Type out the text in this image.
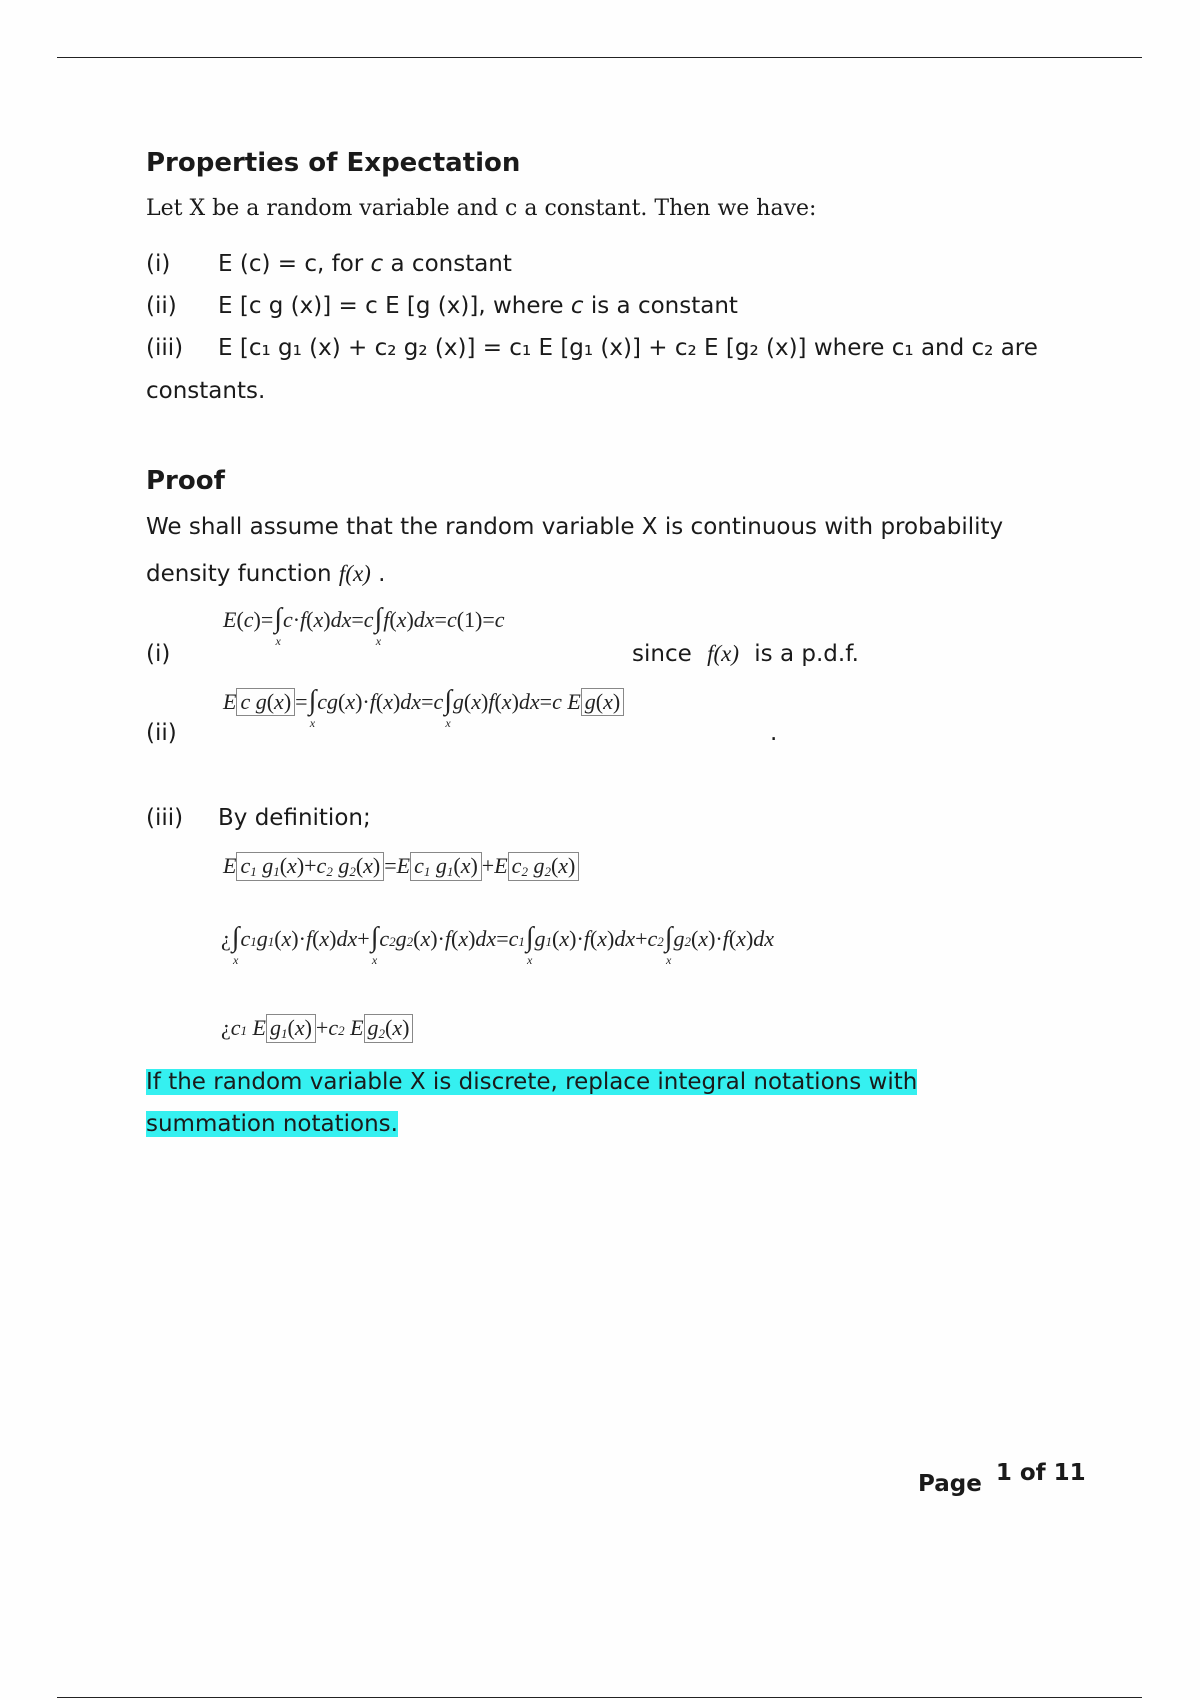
Properties of Expectation
Let X be a random variable and c a constant. Then we have:
(i) E (c) = c, for c a constant
(ii) E [c g (x)] = c E [g (x)], where c is a constant
(iii) E [c₁ g₁ (x) + c₂ g₂ (x)] = c₁ E [g₁ (x)] + c₂ E [g₂ (x)] where c₁ and c₂ are
constants.
Proof
We shall assume that the random variable X is continuous with probability
density function f(x) .
(i)
E ( c )= ∫
x
c · f ( x ) dx = c ∫
x
f ( x ) dx = c (1)= c
since f(x) is a p.d.f.
(ii)
E c g(x) = ∫
x
cg ( x )· f ( x ) dx = c ∫
x
g ( x ) f ( x ) dx = c E g(x)
.
(iii) By definition;
E $c_1$ $g_1(x)+c_2$ $g_2(x) = E$ $c_1$ $g_1(x) + E$ $c_2$ $g_2(x)$
¿ ∫
x
c 1 g 1 ( x )· f ( x ) dx + ∫
x
c 2 g 2 ( x )· f ( x ) dx = c 1 ∫
x
g 1 ( x )· f ( x ) dx + c 2 ∫
x
g 2 ( x )· f ( x ) dx
¿ c 1 E $g_1(x) + c$ 2 E $g_2(x)$
If the random variable X is discrete, replace integral notations with
summation notations.
Page 1 of 11
